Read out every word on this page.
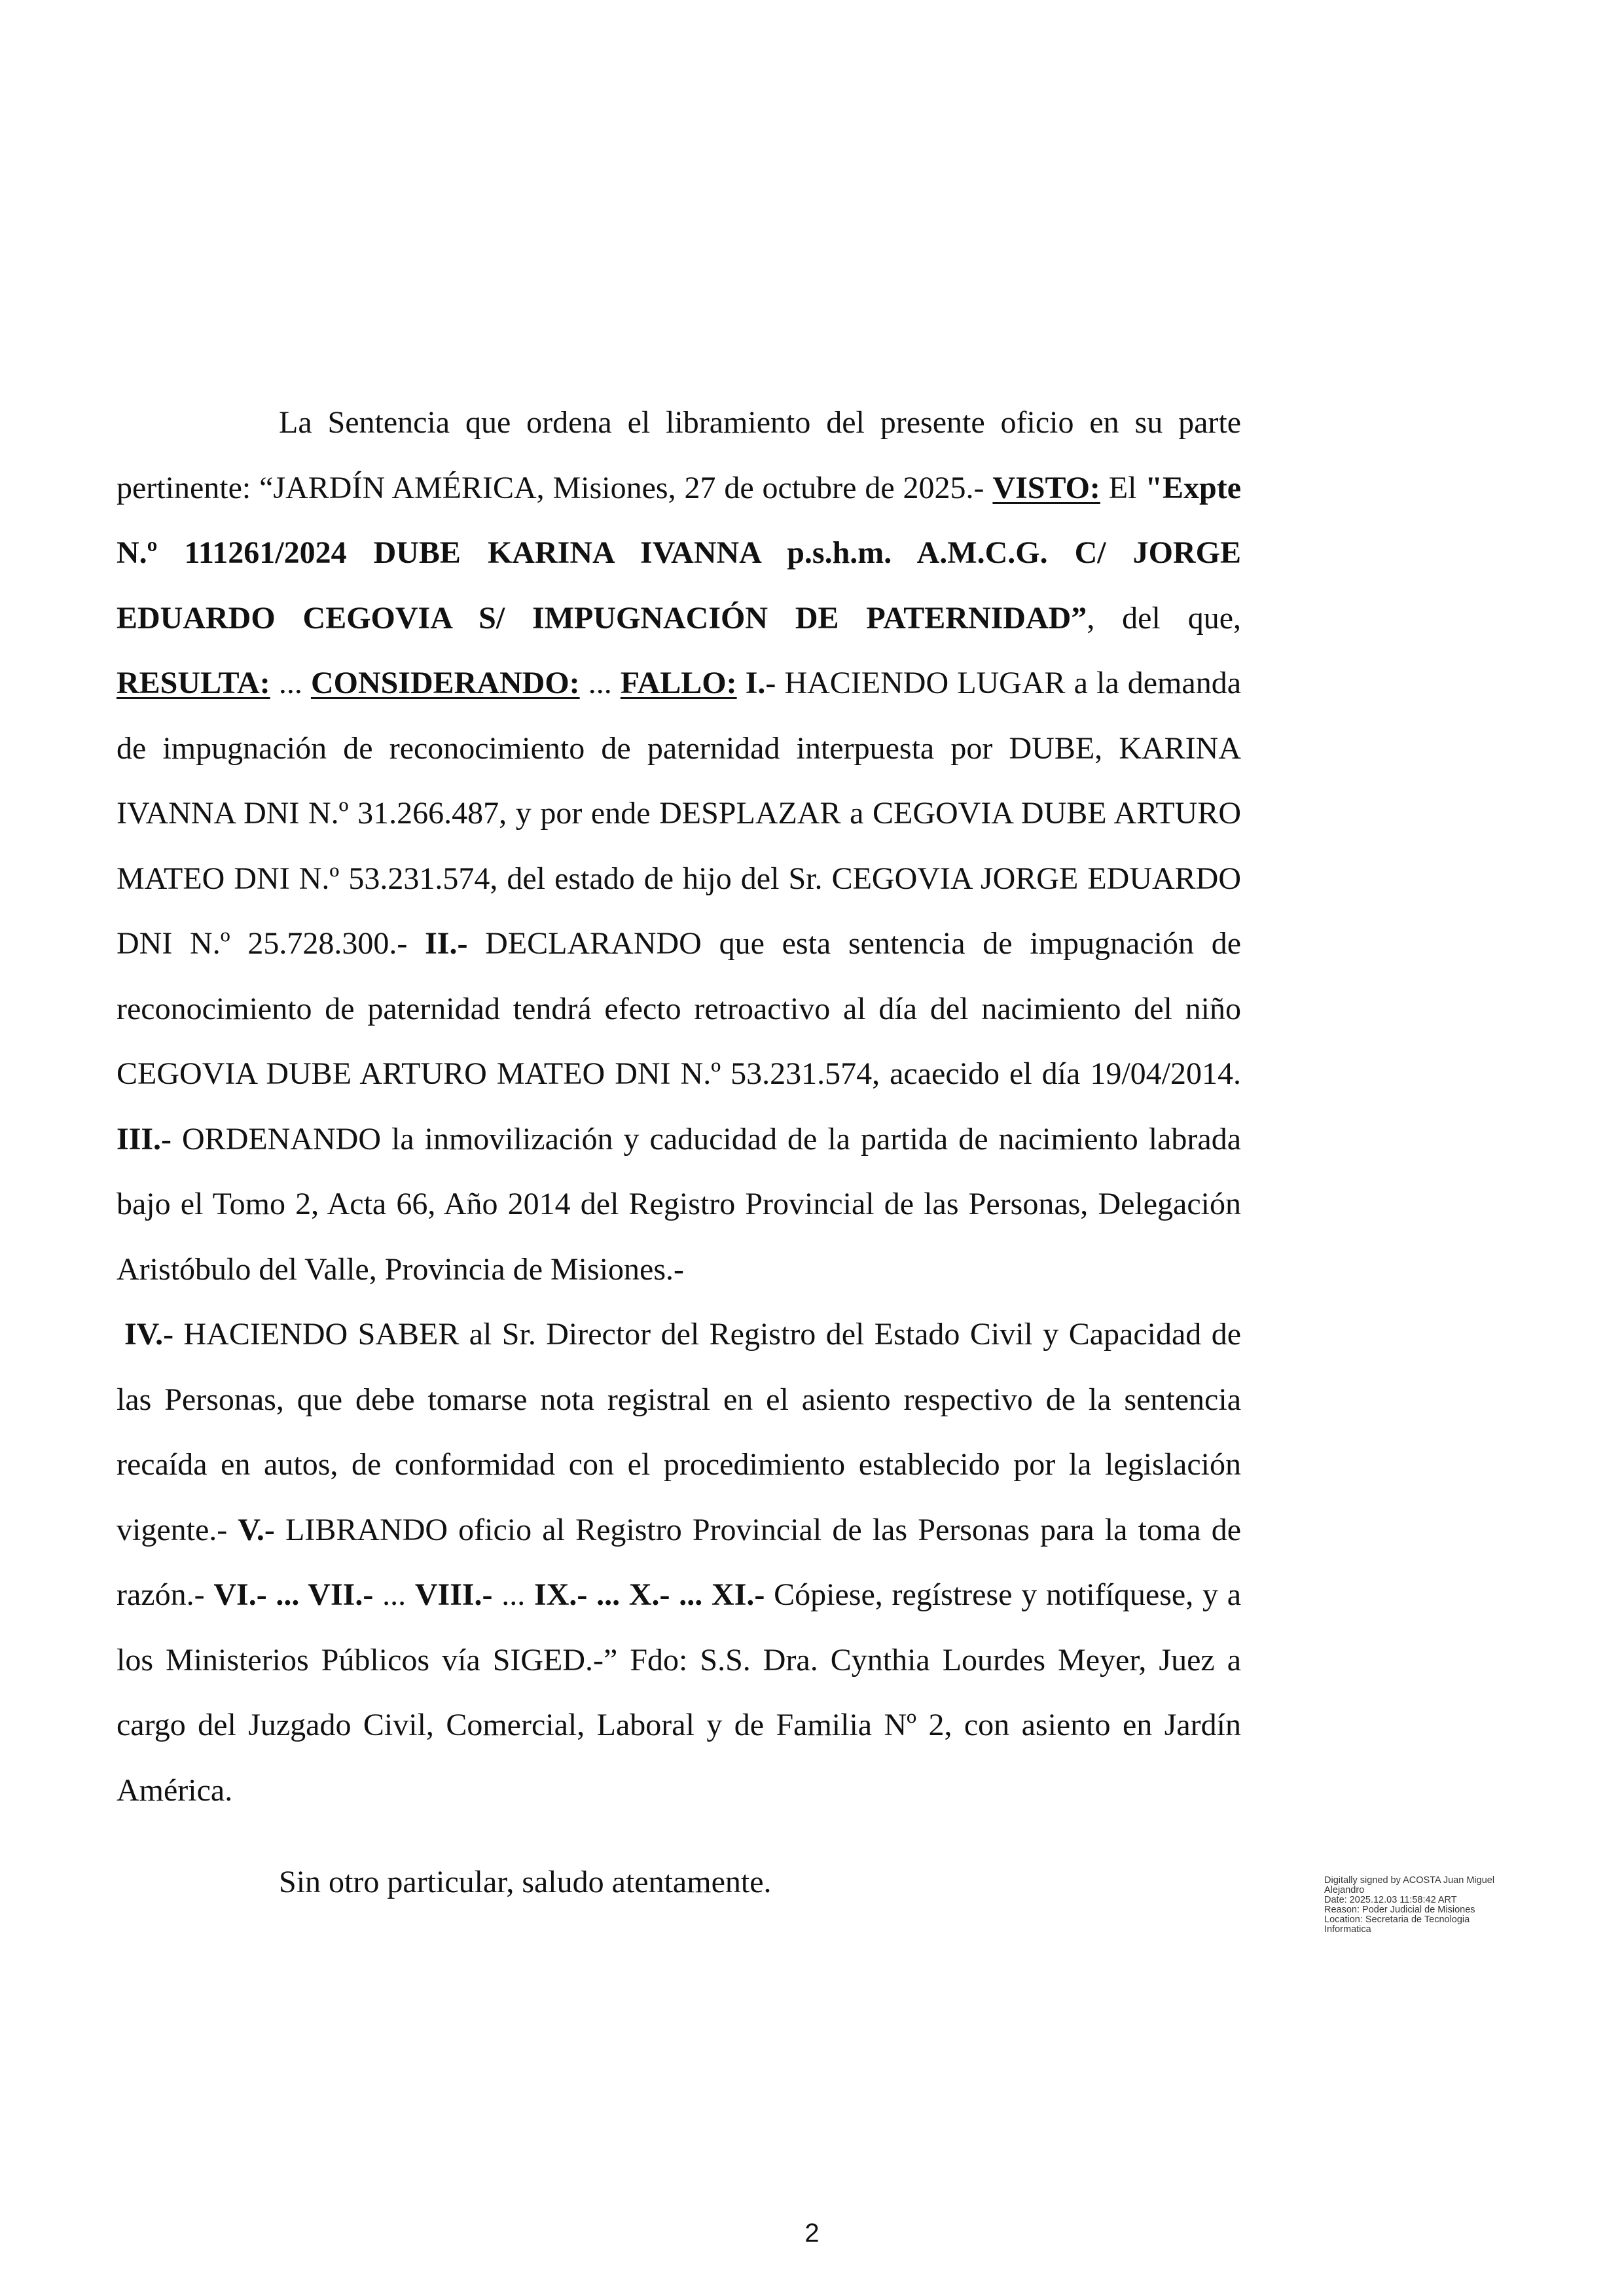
La Sentencia que ordena el libramiento del presente oficio en su parte pertinente: “JARDÍN AMÉRICA, Misiones, 27 de octubre de 2025.- VISTO: El "Expte N.º 111261/2024 DUBE KARINA IVANNA p.s.h.m. A.M.C.G. C/ JORGE EDUARDO CEGOVIA S/ IMPUGNACIÓN DE PATERNIDAD”, del que, RESULTA: ... CONSIDERANDO: ... FALLO: I.- HACIENDO LUGAR a la demanda de impugnación de reconocimiento de paternidad interpuesta por DUBE, KARINA IVANNA DNI N.º 31.266.487, y por ende DESPLAZAR a CEGOVIA DUBE ARTURO MATEO DNI N.º 53.231.574, del estado de hijo del Sr. CEGOVIA JORGE EDUARDO DNI N.º 25.728.300.- II.- DECLARANDO que esta sentencia de impugnación de reconocimiento de paternidad tendrá efecto retroactivo al día del nacimiento del niño CEGOVIA DUBE ARTURO MATEO DNI N.º 53.231.574, acaecido el día 19/04/2014. III.- ORDENANDO la inmovilización y caducidad de la partida de nacimiento labrada bajo el Tomo 2, Acta 66, Año 2014 del Registro Provincial de las Personas, Delegación Aristóbulo del Valle, Provincia de Misiones.-

IV.- HACIENDO SABER al Sr. Director del Registro del Estado Civil y Capacidad de las Personas, que debe tomarse nota registral en el asiento respectivo de la sentencia recaída en autos, de conformidad con el procedimiento establecido por la legislación vigente.- V.- LIBRANDO oficio al Registro Provincial de las Personas para la toma de razón.- VI.- ... VII.- ... VIII.- ... IX.- ... X.- ... XI.- Cópiese, regístrese y notifíquese, y a los Ministerios Públicos vía SIGED.-” Fdo: S.S. Dra. Cynthia Lourdes Meyer, Juez a cargo del Juzgado Civil, Comercial, Laboral y de Familia Nº 2, con asiento en Jardín América.

Sin otro particular, saludo atentamente.	Digitally signed by ACOSTA Juan Miguel
Alejandro
Date: 2025.12.03 11:58:42 ART
Reason: Poder Judicial de Misiones
Location: Secretaria de Tecnologia
Informatica
2
